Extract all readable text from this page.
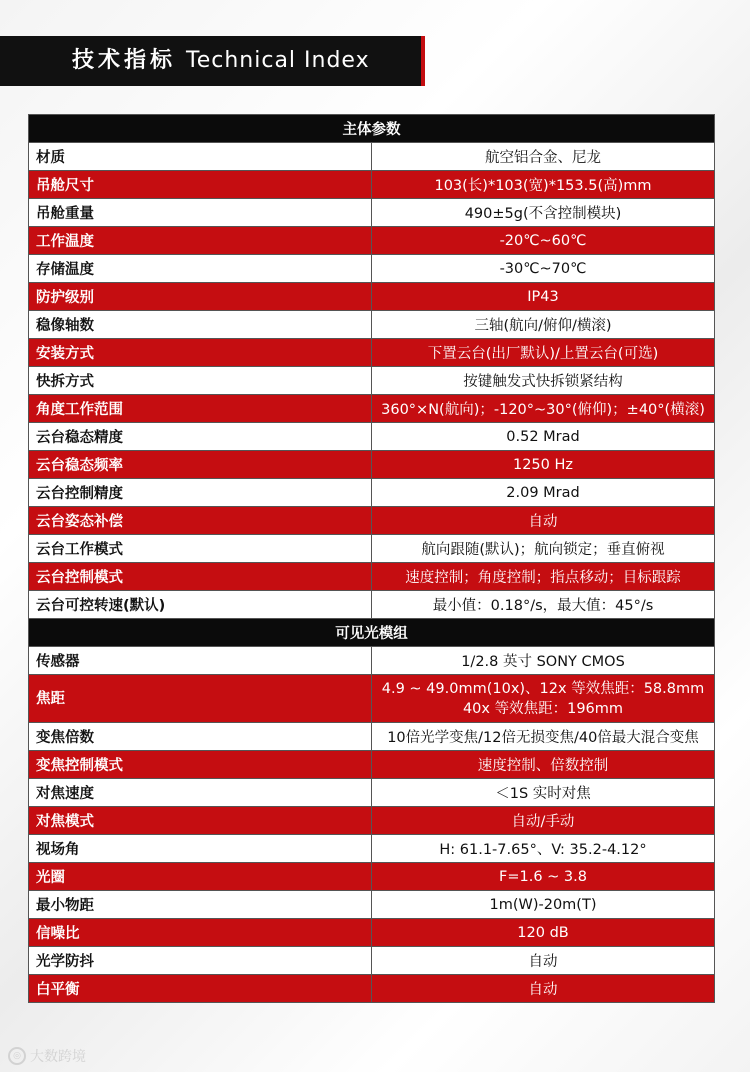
技术指标 Technical Index
主体参数	
材质	航空铝合金、尼龙
吊舱尺寸	103(长)*103(宽)*153.5(高)mm
吊舱重量	490±5g(不含控制模块)
工作温度	-20℃~60℃
存储温度	-30℃~70℃
防护级别	IP43
稳像轴数	三轴(航向/俯仰/横滚)
安装方式	下置云台(出厂默认)/上置云台(可选)
快拆方式	按键触发式快拆锁紧结构
角度工作范围	360°×N(航向)；-120°~30°(俯仰)；±40°(横滚)
云台稳态精度	0.52 Mrad
云台稳态频率	1250 Hz
云台控制精度	2.09 Mrad
云台姿态补偿	自动
云台工作模式	航向跟随(默认)；航向锁定；垂直俯视
云台控制模式	速度控制；角度控制；指点移动；目标跟踪
云台可控转速(默认)	最小值：0.18°/s，最大值：45°/s
可见光模组	
传感器	1/2.8 英寸 SONY CMOS
焦距	4.9 ~ 49.0mm(10x)、12x 等效焦距：58.8mm
40x 等效焦距：196mm

变焦倍数	10倍光学变焦/12倍无损变焦/40倍最大混合变焦
变焦控制模式	速度控制、倍数控制
对焦速度	＜1S 实时对焦
对焦模式	自动/手动
视场角	H: 61.1-7.65°、V: 35.2-4.12°
光圈	F=1.6 ~ 3.8
最小物距	1m(W)-20m(T)
信噪比	120 dB
光学防抖	自动
白平衡	自动
◎ 大数跨境
